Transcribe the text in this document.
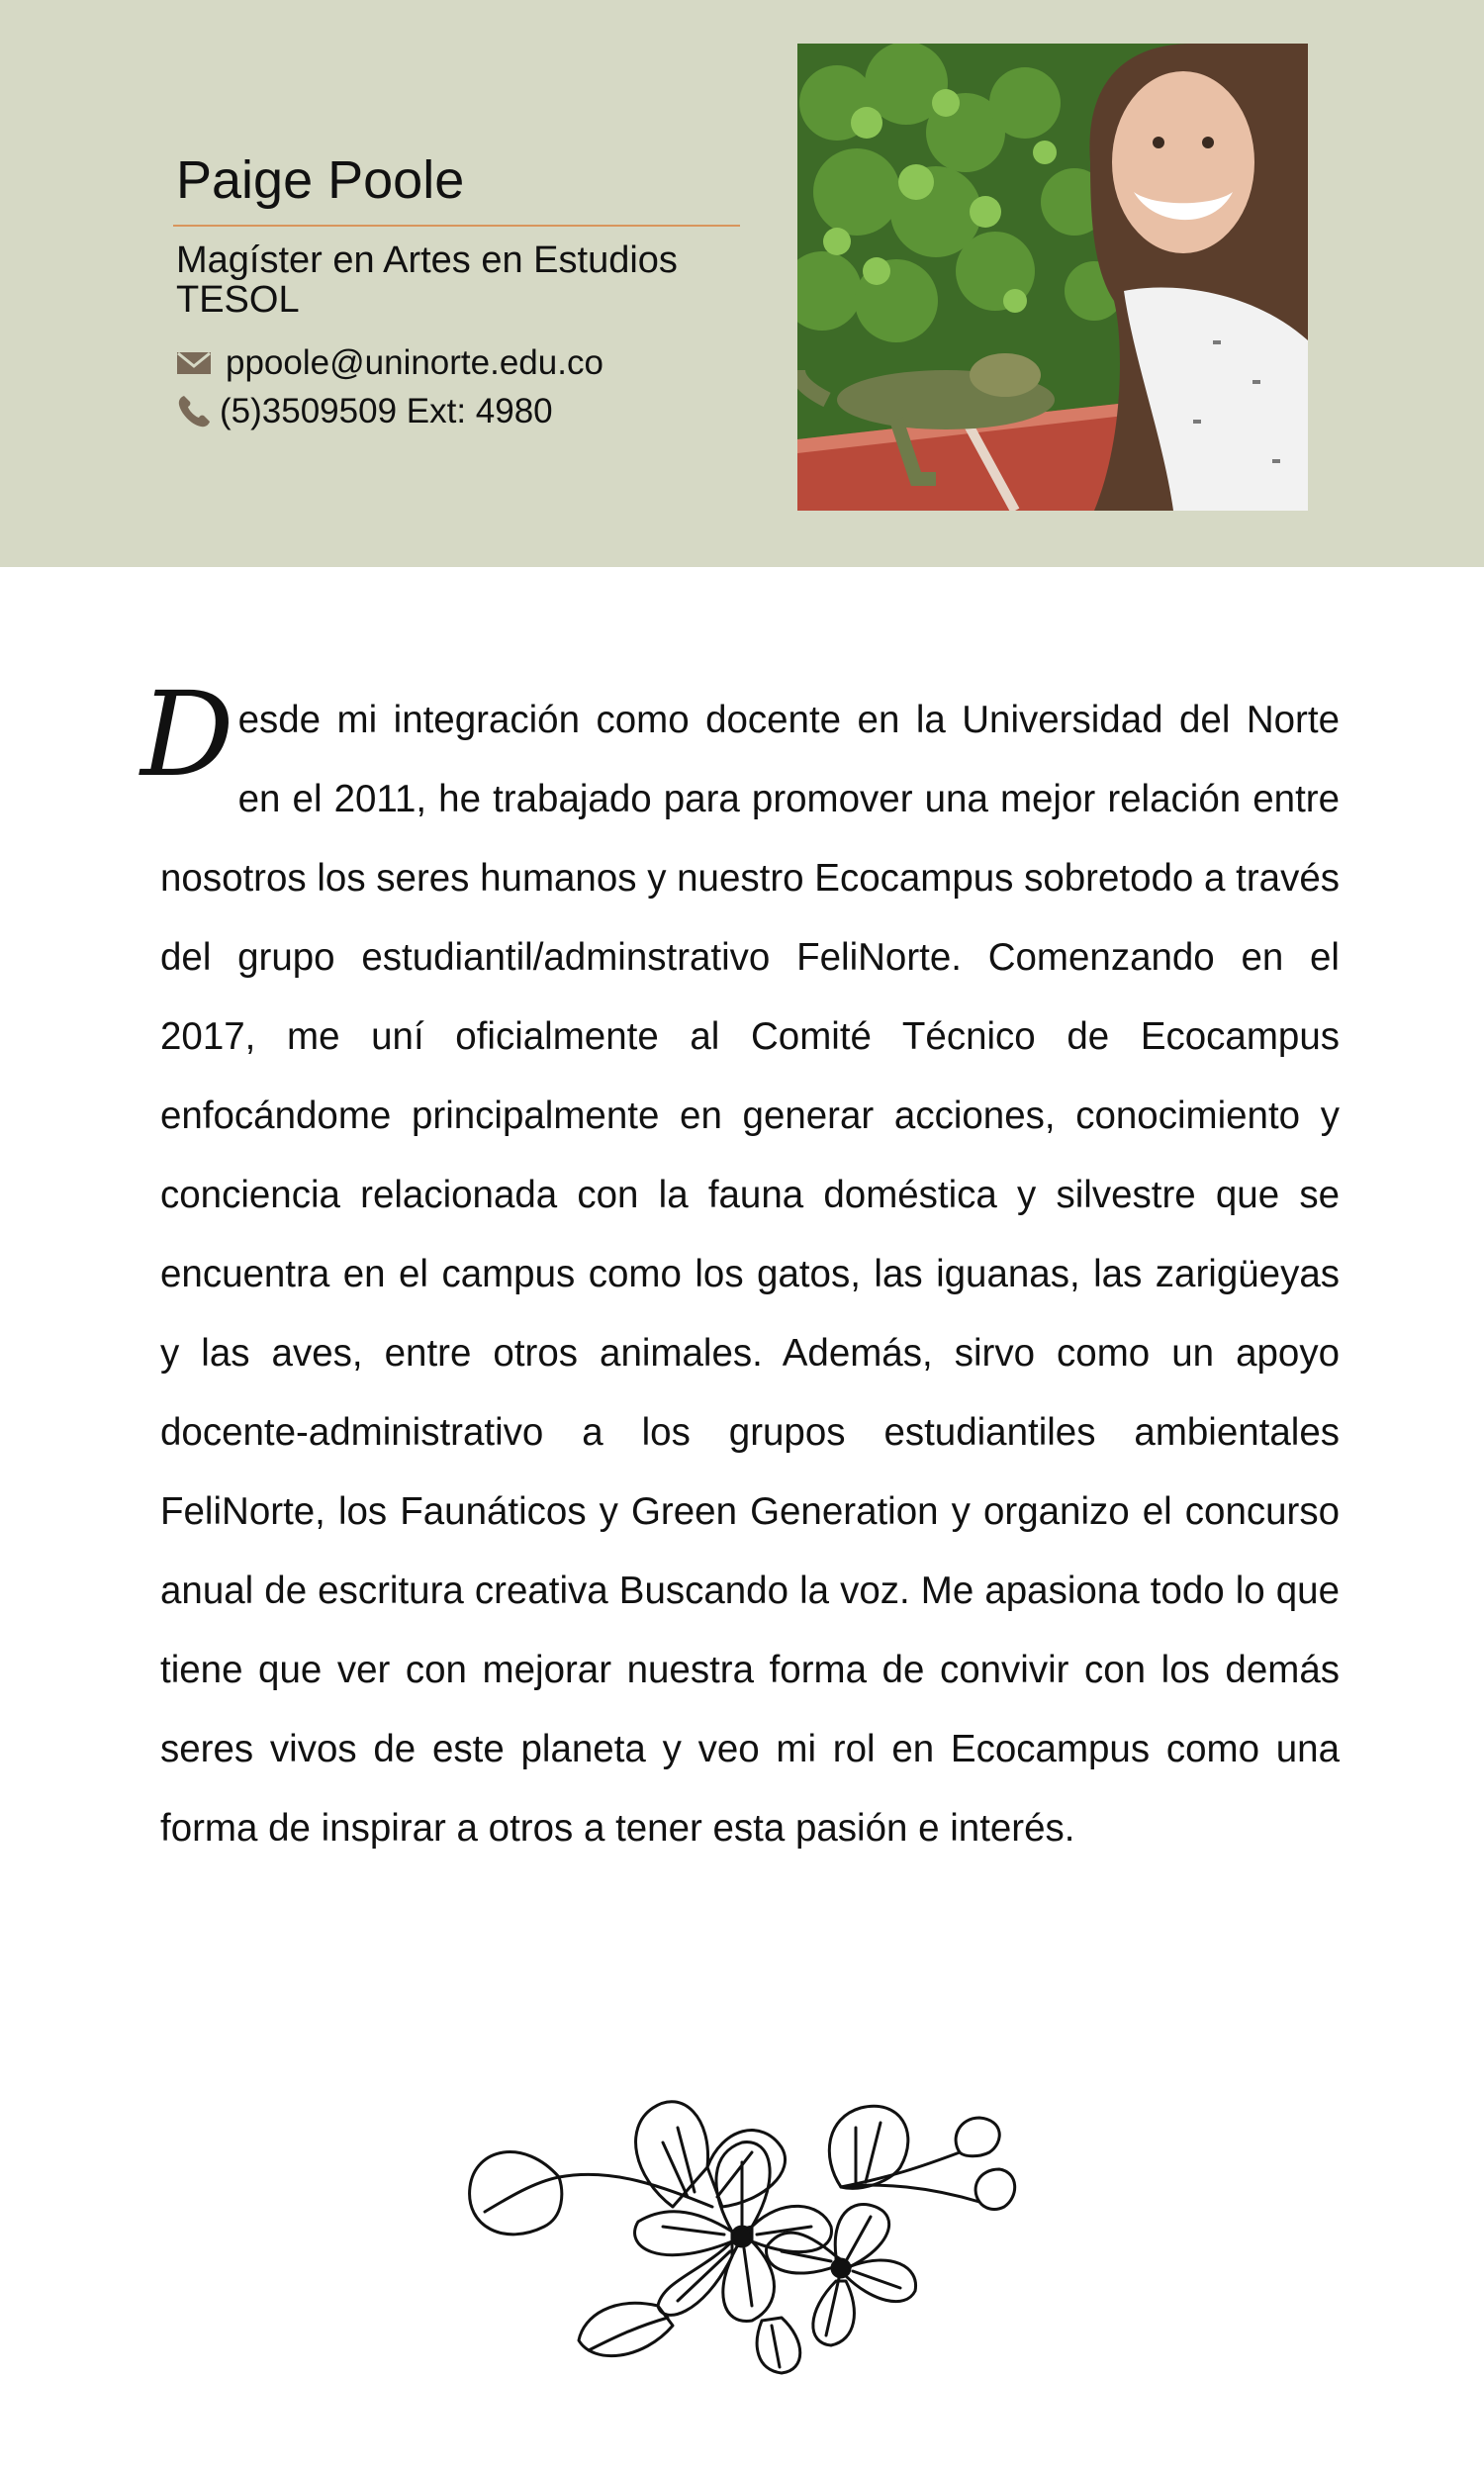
Paige Poole
Magíster en Artes en Estudios TESOL
ppoole@uninorte.edu.co
(5)3509509 Ext: 4980
Desde mi integración como docente en la Universidad del Norte en el 2011, he trabajado para promover una mejor relación entre nosotros los seres humanos y nuestro Ecocampus sobretodo a través del grupo estudiantil/adminstrativo FeliNorte. Comenzando en el 2017, me uní oficialmente al Comité Técnico de Ecocampus enfocándome principalmente en generar acciones, conocimiento y conciencia relacionada con la fauna doméstica y silvestre que se encuentra en el campus como los gatos, las iguanas, las zarigüeyas y las aves, entre otros animales. Además, sirvo como un apoyo docente-administrativo a los grupos estudiantiles ambientales FeliNorte, los Faunáticos y Green Generation y organizo el concurso anual de escritura creativa Buscando la voz. Me apasiona todo lo que tiene que ver con mejorar nuestra forma de convivir con los demás seres vivos de este planeta y veo mi rol en Ecocampus como una forma de inspirar a otros a tener esta pasión e interés.
